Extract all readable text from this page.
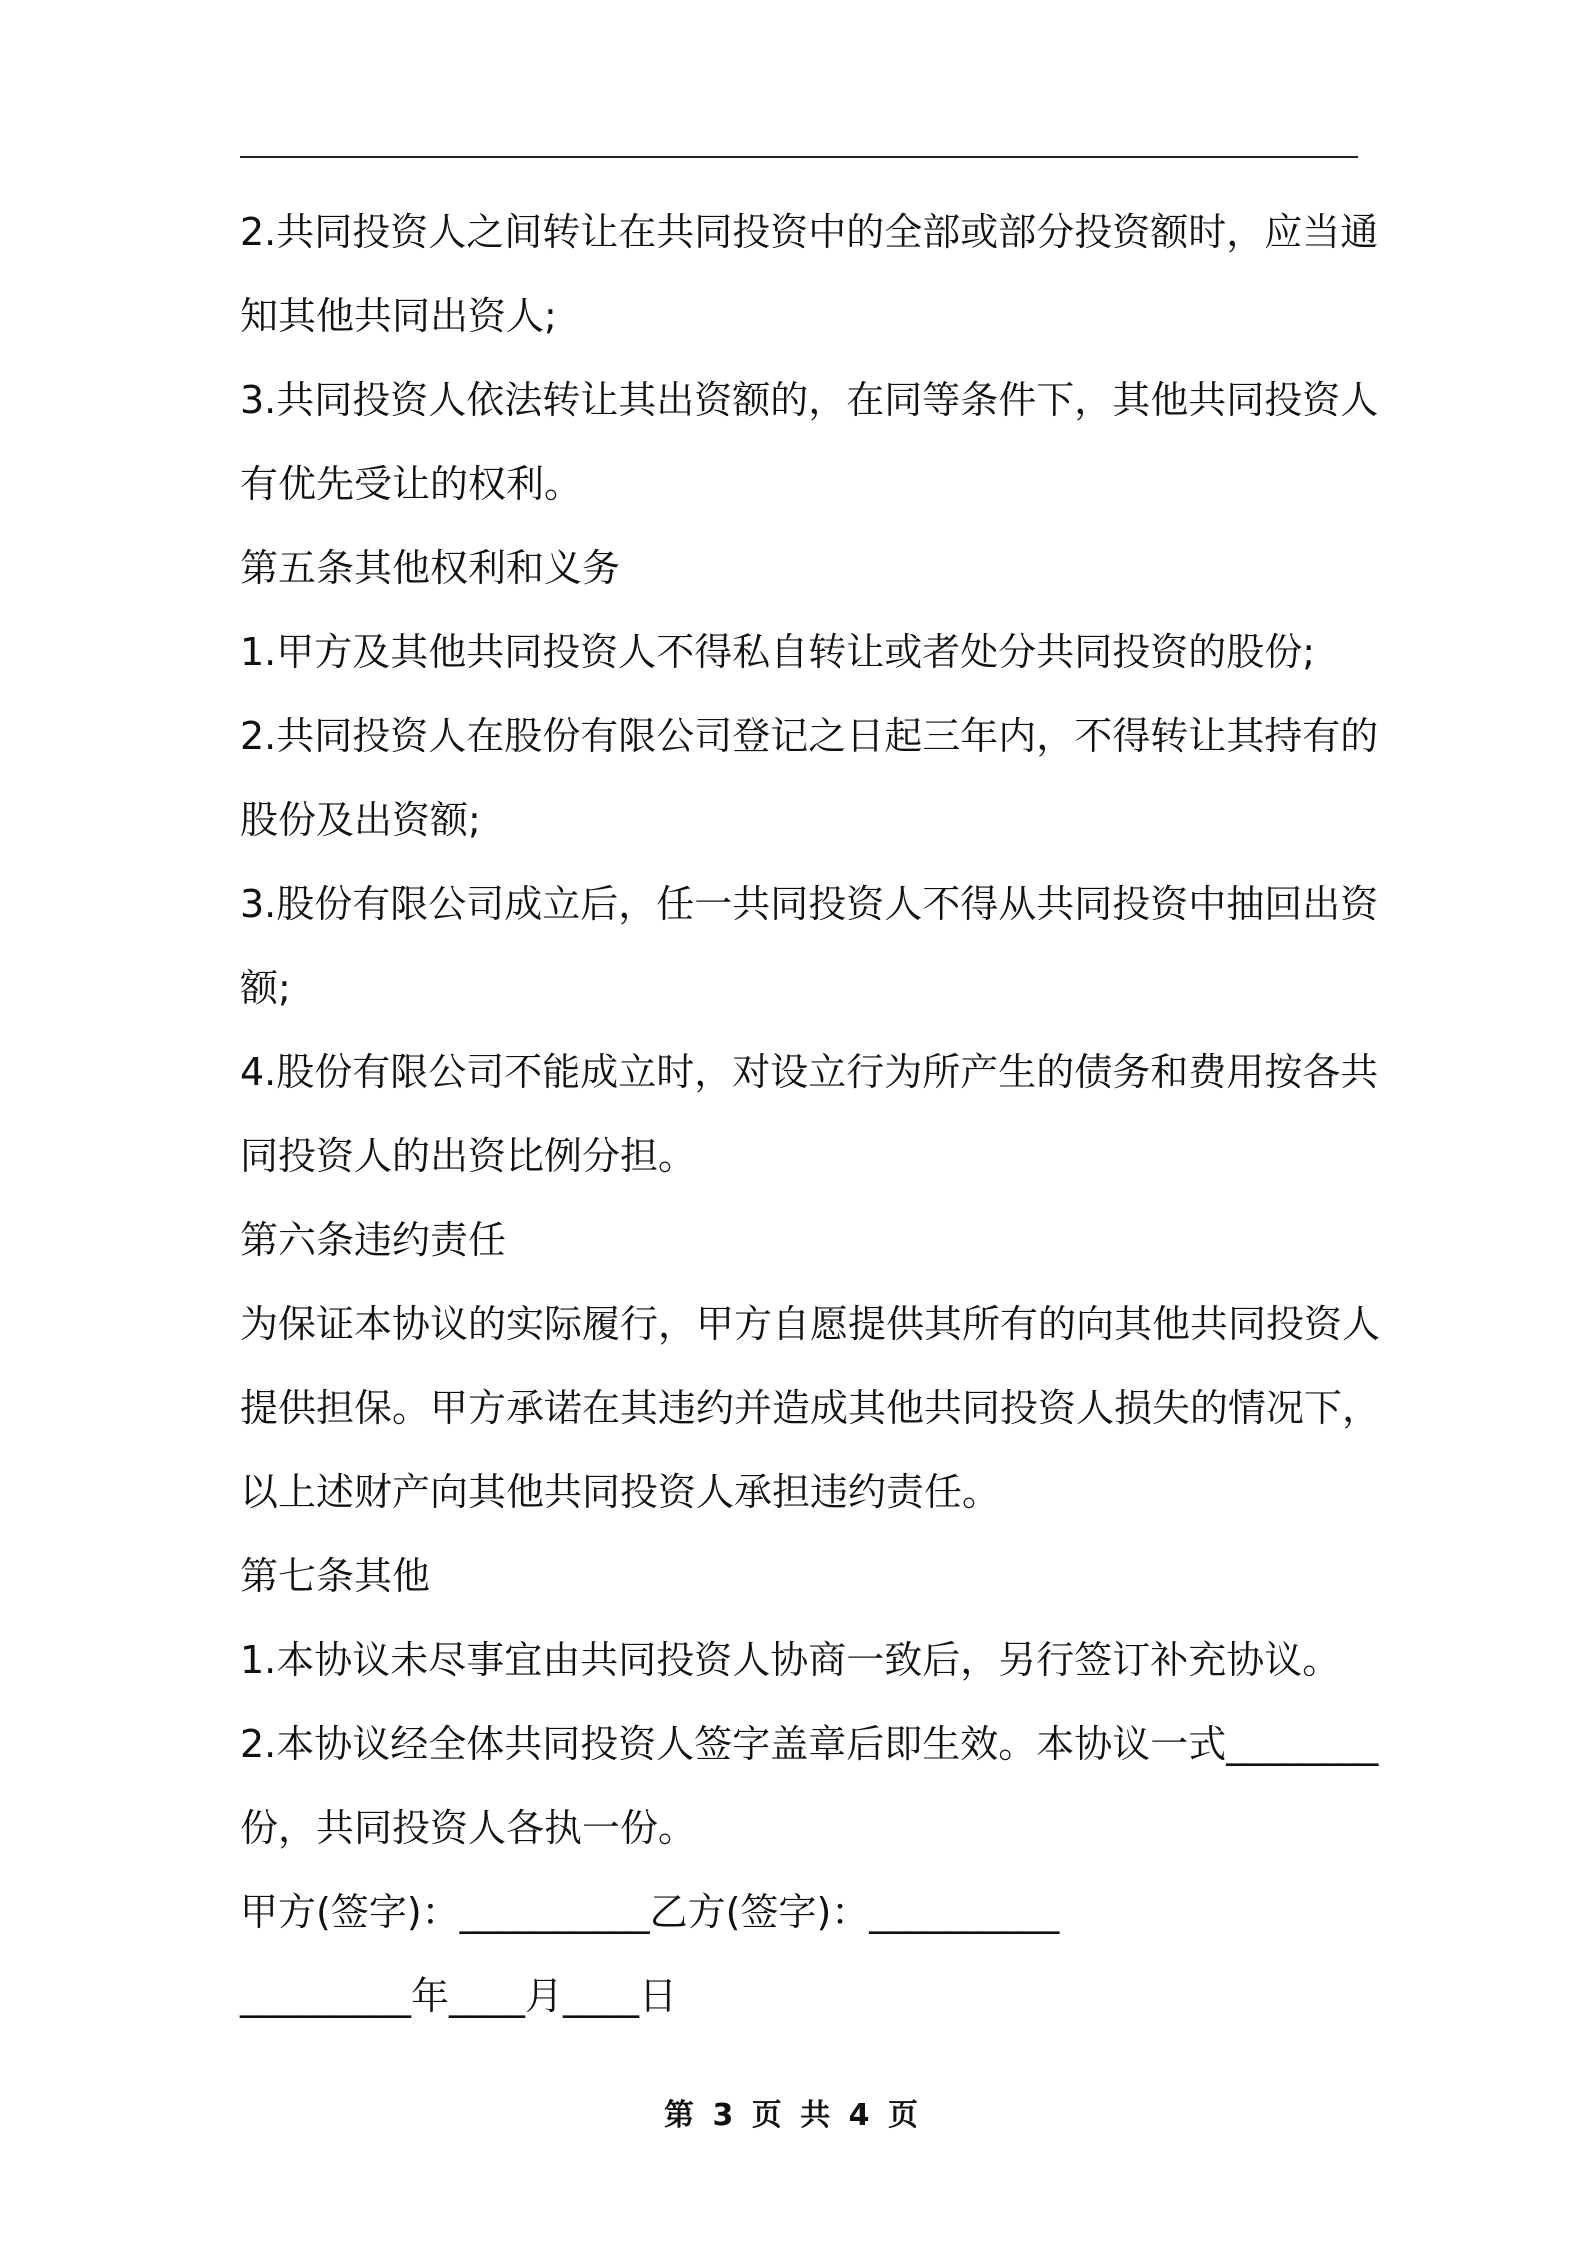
2.共同投资人之间转让在共同投资中的全部或部分投资额时，应当通
知其他共同出资人;
3.共同投资人依法转让其出资额的，在同等条件下，其他共同投资人
有优先受让的权利。
第五条其他权利和义务
1.甲方及其他共同投资人不得私自转让或者处分共同投资的股份;
2.共同投资人在股份有限公司登记之日起三年内，不得转让其持有的
股份及出资额;
3.股份有限公司成立后，任一共同投资人不得从共同投资中抽回出资
额;
4.股份有限公司不能成立时，对设立行为所产生的债务和费用按各共
同投资人的出资比例分担。
第六条违约责任
为保证本协议的实际履行，甲方自愿提供其所有的向其他共同投资人
提供担保。甲方承诺在其违约并造成其他共同投资人损失的情况下，
以上述财产向其他共同投资人承担违约责任。
第七条其他
1.本协议未尽事宜由共同投资人协商一致后，另行签订补充协议。
2.本协议经全体共同投资人签字盖章后即生效。本协议一式________
份，共同投资人各执一份。
甲方(签字)：__________乙方(签字)：__________
_________年____月____日
第 3 页 共 4 页
